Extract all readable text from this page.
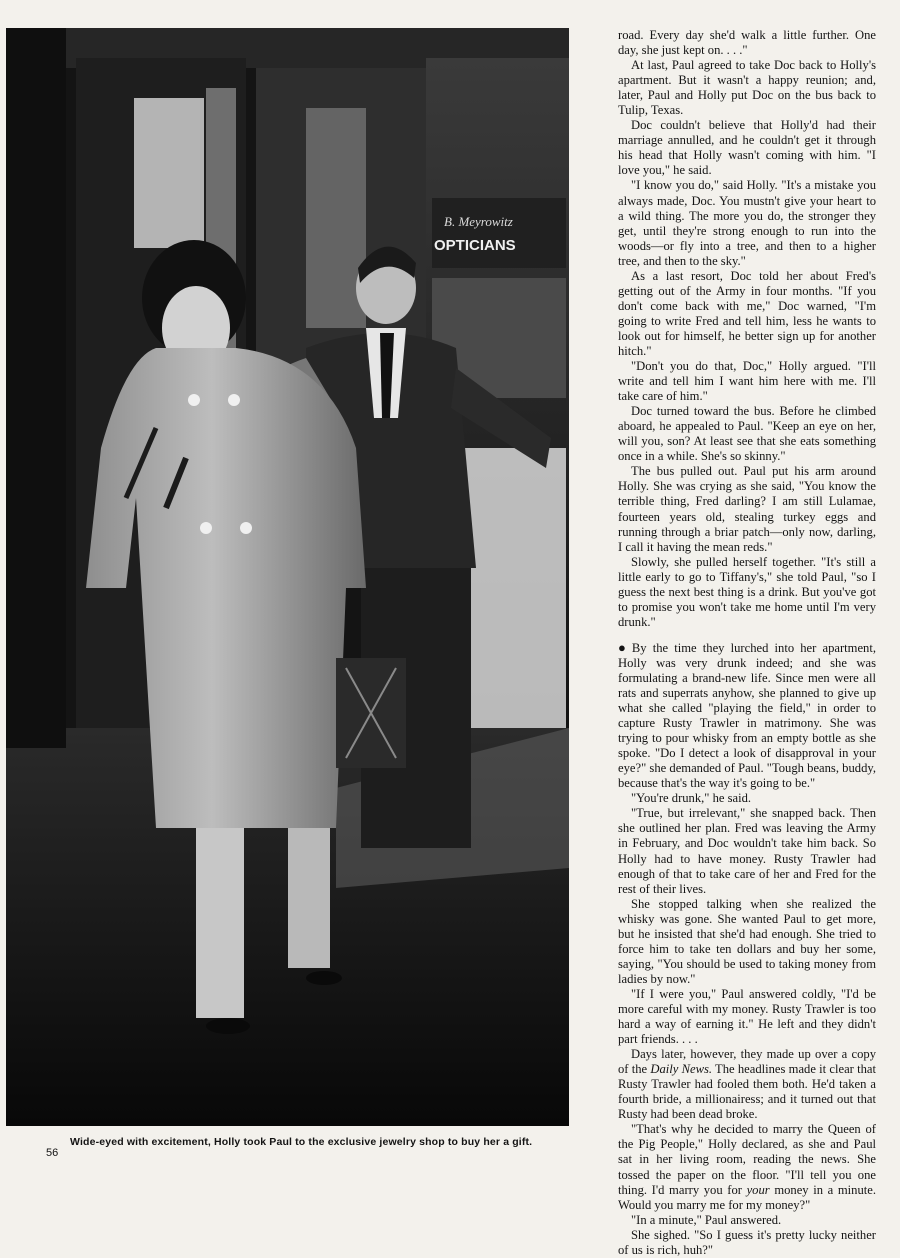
B. Meyrowitz
OPTICIANS
Wide-eyed with excitement, Holly took Paul to the exclusive jewelry shop to buy her a gift.
56

road. Every day she'd walk a little further. One day, she just kept on. . . ."

At last, Paul agreed to take Doc back to Holly's apartment. But it wasn't a happy reunion; and, later, Paul and Holly put Doc on the bus back to Tulip, Texas.

Doc couldn't believe that Holly'd had their marriage annulled, and he couldn't get it through his head that Holly wasn't coming with him. "I love you," he said.

"I know you do," said Holly. "It's a mistake you always made, Doc. You mustn't give your heart to a wild thing. The more you do, the stronger they get, until they're strong enough to run into the woods—or fly into a tree, and then to a higher tree, and then to the sky."

As a last resort, Doc told her about Fred's getting out of the Army in four months. "If you don't come back with me," Doc warned, "I'm going to write Fred and tell him, less he wants to look out for himself, he better sign up for another hitch."

"Don't you do that, Doc," Holly argued. "I'll write and tell him I want him here with me. I'll take care of him."

Doc turned toward the bus. Before he climbed aboard, he appealed to Paul. "Keep an eye on her, will you, son? At least see that she eats something once in a while. She's so skinny."

The bus pulled out. Paul put his arm around Holly. She was crying as she said, "You know the terrible thing, Fred darling? I am still Lulamae, fourteen years old, stealing turkey eggs and running through a briar patch—only now, darling, I call it having the mean reds."

Slowly, she pulled herself together. "It's still a little early to go to Tiffany's," she told Paul, "so I guess the next best thing is a drink. But you've got to promise you won't take me home until I'm very drunk."

● By the time they lurched into her apartment, Holly was very drunk indeed; and she was formulating a brand-new life. Since men were all rats and superrats anyhow, she planned to give up what she called "playing the field," in order to capture Rusty Trawler in matrimony. She was trying to pour whisky from an empty bottle as she spoke. "Do I detect a look of disapproval in your eye?" she demanded of Paul. "Tough beans, buddy, because that's the way it's going to be."

"You're drunk," he said.

"True, but irrelevant," she snapped back. Then she outlined her plan. Fred was leaving the Army in February, and Doc wouldn't take him back. So Holly had to have money. Rusty Trawler had enough of that to take care of her and Fred for the rest of their lives.

She stopped talking when she realized the whisky was gone. She wanted Paul to get more, but he insisted that she'd had enough. She tried to force him to take ten dollars and buy her some, saying, "You should be used to taking money from ladies by now."

"If I were you," Paul answered coldly, "I'd be more careful with my money. Rusty Trawler is too hard a way of earning it." He left and they didn't part friends. . . .

Days later, however, they made up over a copy of the Daily News. The headlines made it clear that Rusty Trawler had fooled them both. He'd taken a fourth bride, a millionairess; and it turned out that Rusty had been dead broke.

"That's why he decided to marry the Queen of the Pig People," Holly declared, as she and Paul sat in her living room, reading the news. She tossed the paper on the floor. "I'll tell you one thing. I'd marry you for your money in a minute. Would you marry me for my money?"

"In a minute," Paul answered.

She sighed. "So I guess it's pretty lucky neither of us is rich, huh?"
